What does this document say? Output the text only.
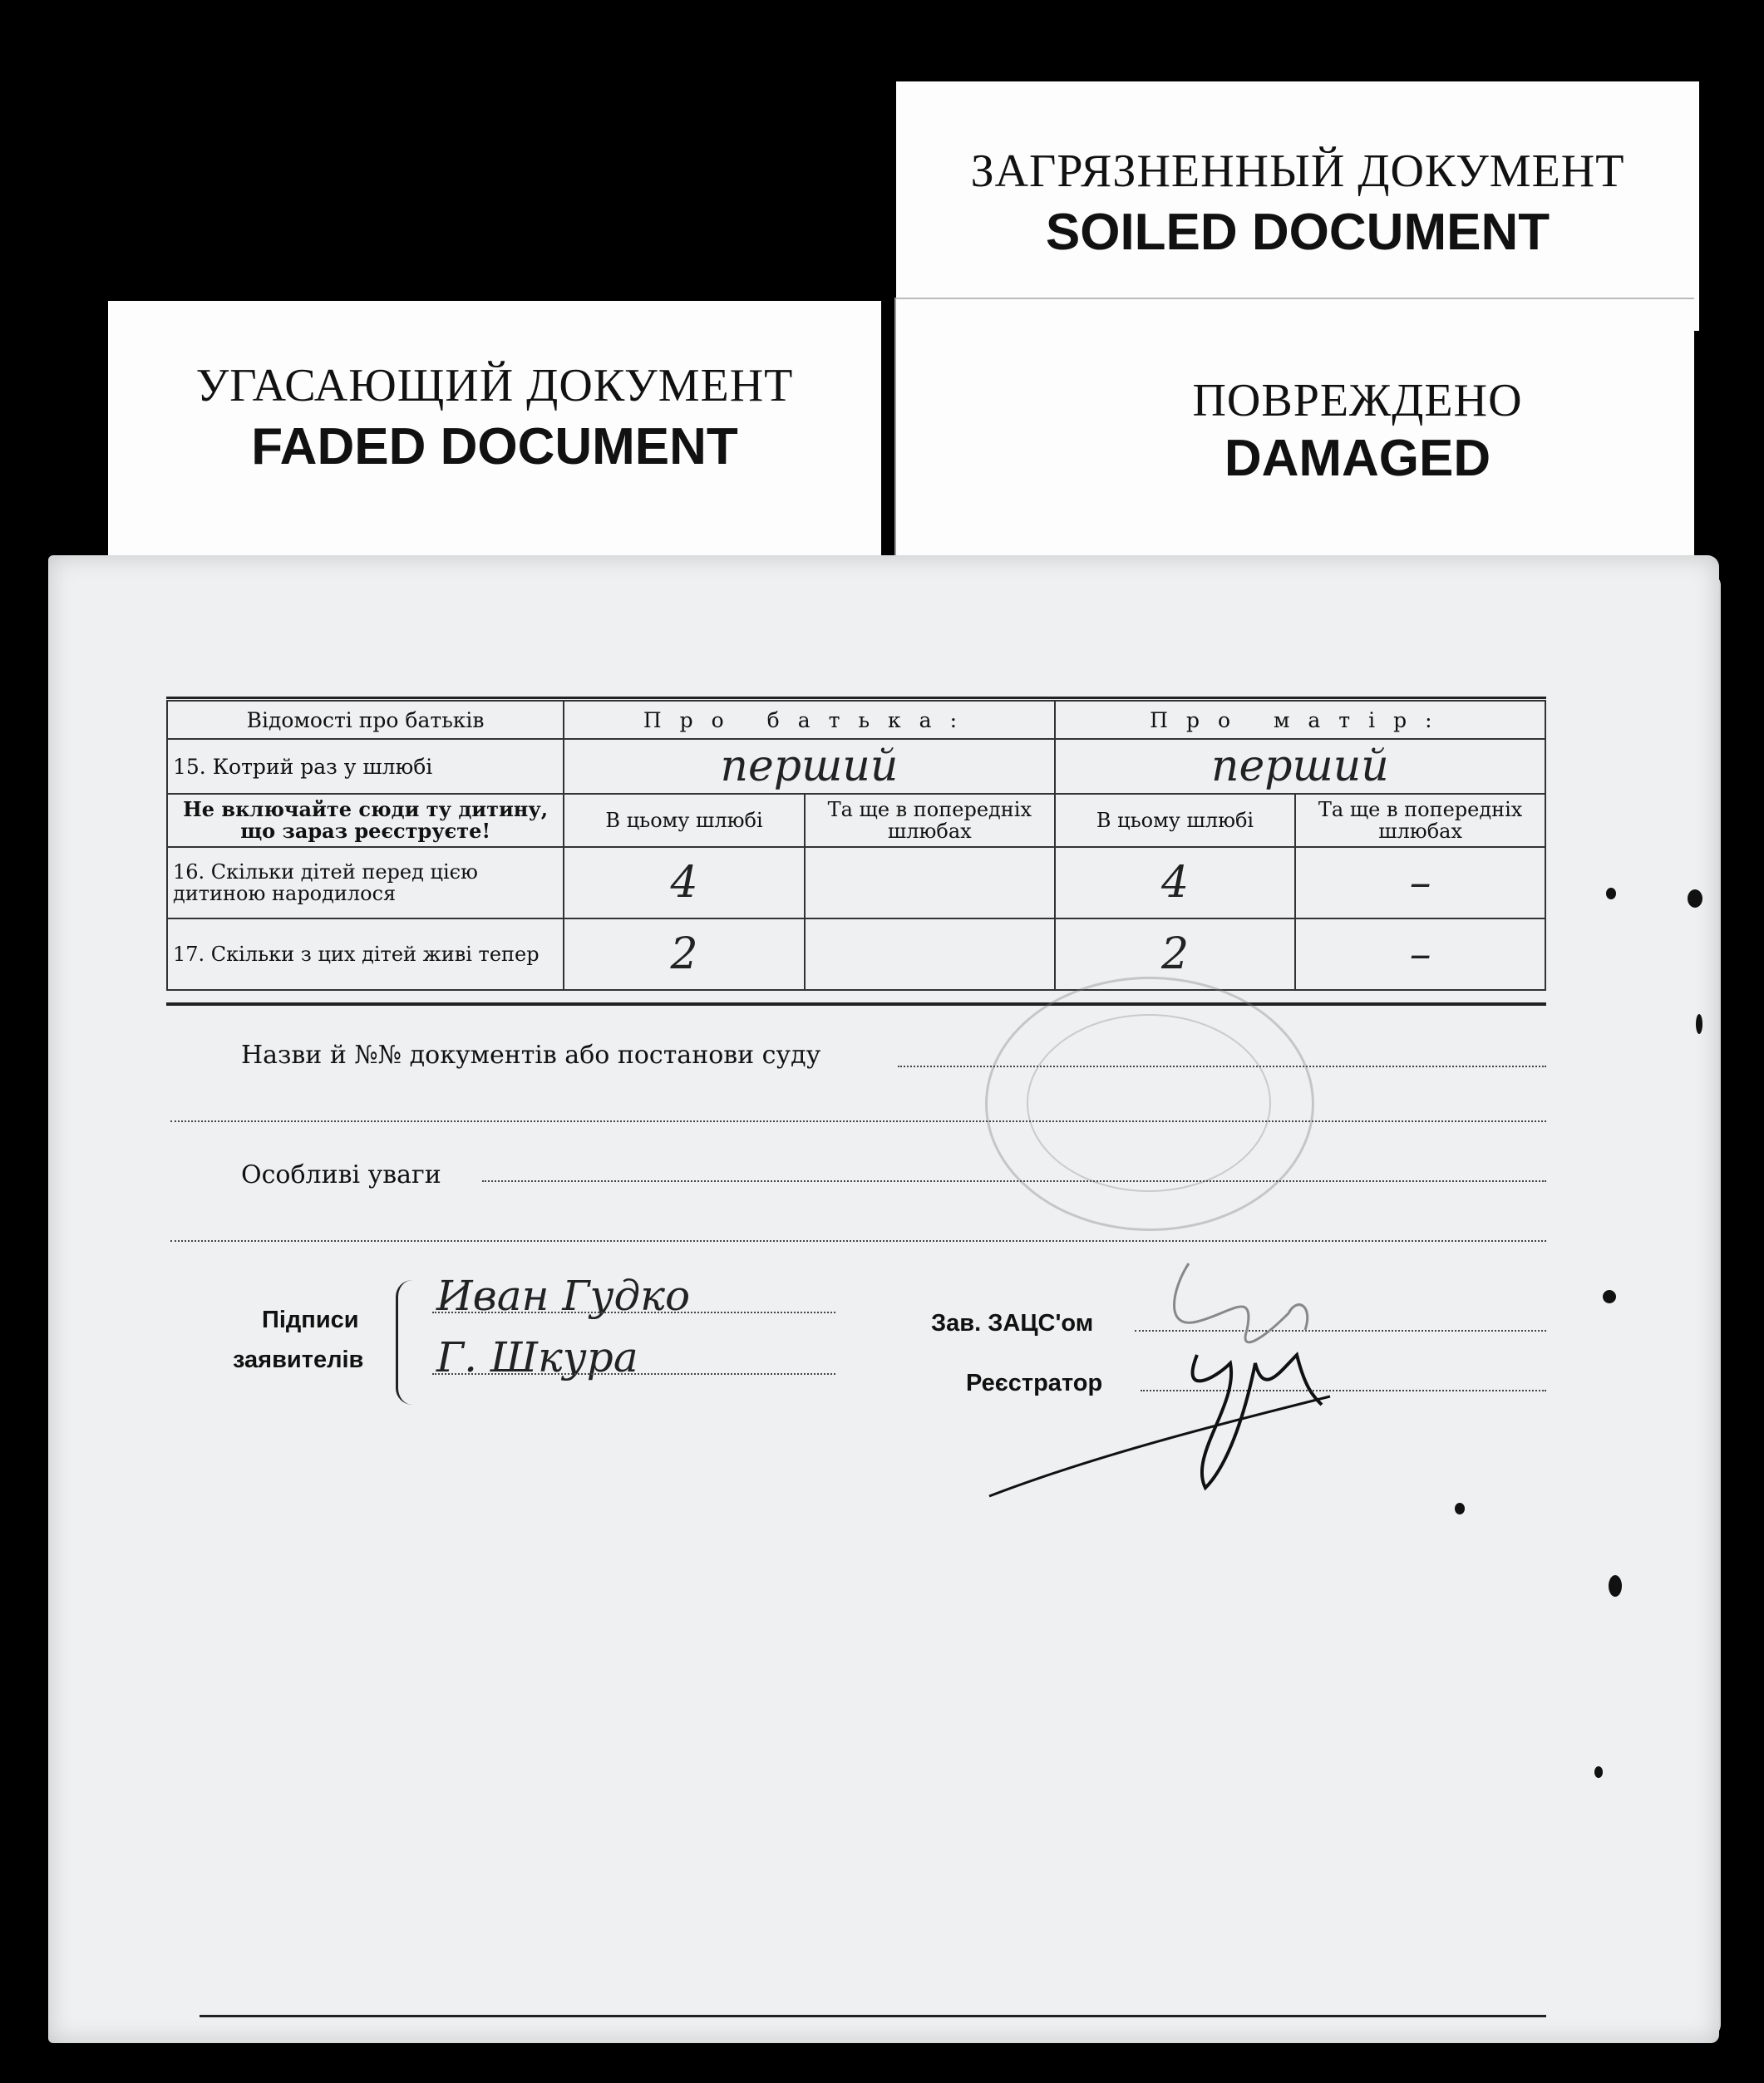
ЗАГРЯЗНЕННЫЙ ДОКУМЕНТ
SOILED DOCUMENT
ПОВРЕЖДЕНО
DAMAGED
УГАСАЮЩИЙ ДОКУМЕНТ
FADED DOCUMENT
Відомості про батьків	Про батька:		Про матір:	
15. Котрий раз у шлюбі	перший		перший	
Не включайте сюди ту дитину, що зараз реєструєте!	В цьому шлюбі	Та ще в попередніх шлюбах	В цьому шлюбі	Та ще в попередніх шлюбах
16. Скільки дітей перед цією дитиною народилося	4		4	–
17. Скільки з цих дітей живі тепер	2		2	–
Назви й №№ документів або постанови суду
Особливі уваги
Підписи
заявителів
Иван Гудко
Г. Шкура
Зав. ЗАЦС'ом
Реєстратор
